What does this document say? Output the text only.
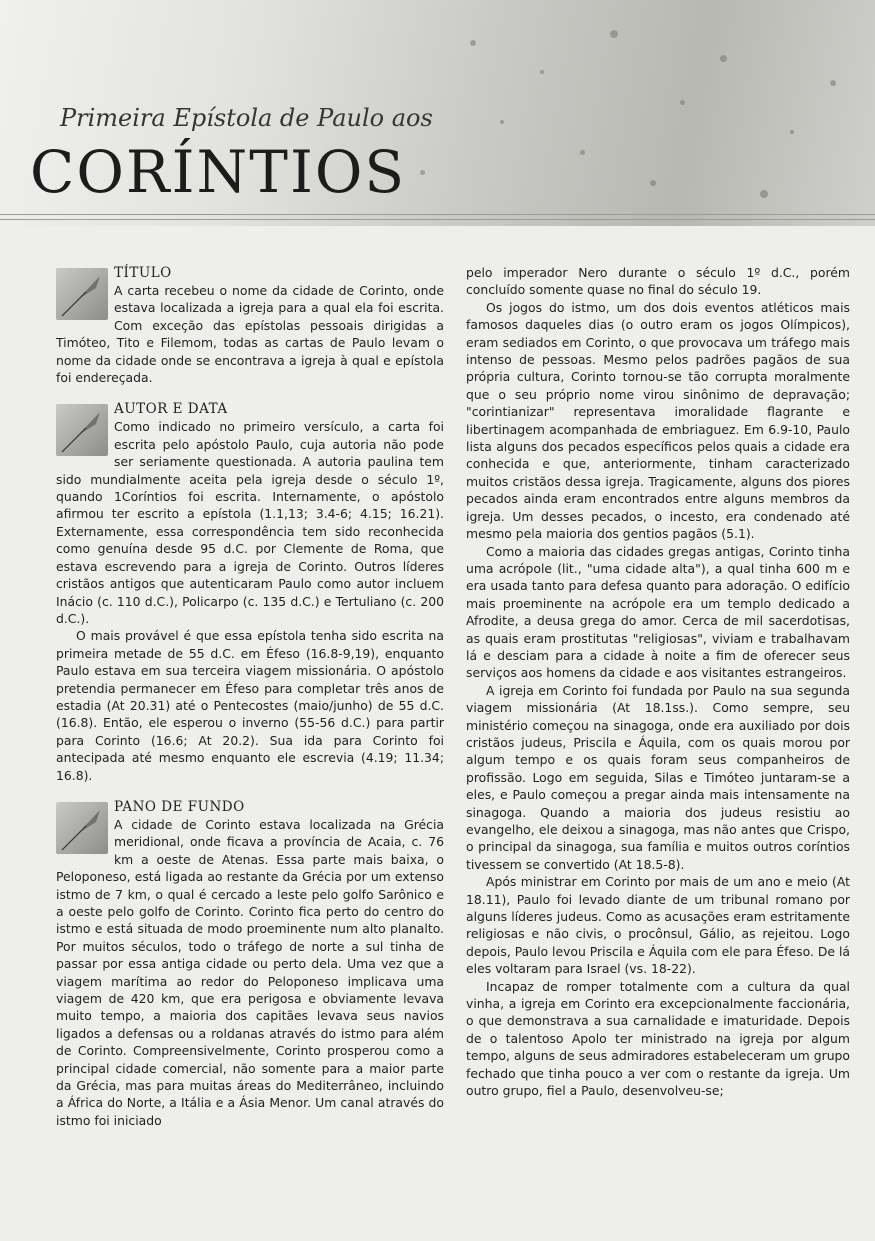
Primeira Epístola de Paulo aos
CORÍNTIOS
TÍTULO

A carta recebeu o nome da cidade de Corinto, onde estava localizada a igreja para a qual ela foi escrita. Com exceção das epístolas pessoais dirigidas a Timóteo, Tito e Filemom, todas as cartas de Paulo levam o nome da cidade onde se encontrava a igreja à qual e epístola foi endereçada.

AUTOR E DATA

Como indicado no primeiro versículo, a carta foi escrita pelo apóstolo Paulo, cuja autoria não pode ser seriamente questionada. A autoria paulina tem sido mundialmente aceita pela igreja desde o século 1º, quando 1Coríntios foi escrita. Internamente, o apóstolo afirmou ter escrito a epístola (1.1,13; 3.4-6; 4.15; 16.21). Externamente, essa correspondência tem sido reconhecida como genuína desde 95 d.C. por Clemente de Roma, que estava escrevendo para a igreja de Corinto. Outros líderes cristãos antigos que autenticaram Paulo como autor incluem Inácio (c. 110 d.C.), Policarpo (c. 135 d.C.) e Tertuliano (c. 200 d.C.).

O mais provável é que essa epístola tenha sido escrita na primeira metade de 55 d.C. em Éfeso (16.8-9,19), enquanto Paulo estava em sua terceira viagem missionária. O apóstolo pretendia permanecer em Éfeso para completar três anos de estadia (At 20.31) até o Pentecostes (maio/junho) de 55 d.C. (16.8). Então, ele esperou o inverno (55-56 d.C.) para partir para Corinto (16.6; At 20.2). Sua ida para Corinto foi antecipada até mesmo enquanto ele escrevia (4.19; 11.34; 16.8).

PANO DE FUNDO

A cidade de Corinto estava localizada na Grécia meridional, onde ficava a província de Acaia, c. 76 km a oeste de Atenas. Essa parte mais baixa, o Peloponeso, está ligada ao restante da Grécia por um extenso istmo de 7 km, o qual é cercado a leste pelo golfo Sarônico e a oeste pelo golfo de Corinto. Corinto fica perto do centro do istmo e está situada de modo proeminente num alto planalto. Por muitos séculos, todo o tráfego de norte a sul tinha de passar por essa antiga cidade ou perto dela. Uma vez que a viagem marítima ao redor do Peloponeso implicava uma viagem de 420 km, que era perigosa e obviamente levava muito tempo, a maioria dos capitães levava seus navios ligados a defensas ou a roldanas através do istmo para além de Corinto. Compreensivelmente, Corinto prosperou como a principal cidade comercial, não somente para a maior parte da Grécia, mas para muitas áreas do Mediterrâneo, incluindo a África do Norte, a Itália e a Ásia Menor. Um canal através do istmo foi iniciado

pelo imperador Nero durante o século 1º d.C., porém concluído somente quase no final do século 19.

Os jogos do istmo, um dos dois eventos atléticos mais famosos daqueles dias (o outro eram os jogos Olímpicos), eram sediados em Corinto, o que provocava um tráfego mais intenso de pessoas. Mesmo pelos padrões pagãos de sua própria cultura, Corinto tornou-se tão corrupta moralmente que o seu próprio nome virou sinônimo de depravação; "corintianizar" representava imoralidade flagrante e libertinagem acompanhada de embriaguez. Em 6.9-10, Paulo lista alguns dos pecados específicos pelos quais a cidade era conhecida e que, anteriormente, tinham caracterizado muitos cristãos dessa igreja. Tragicamente, alguns dos piores pecados ainda eram encontrados entre alguns membros da igreja. Um desses pecados, o incesto, era condenado até mesmo pela maioria dos gentios pagãos (5.1).

Como a maioria das cidades gregas antigas, Corinto tinha uma acrópole (lit., "uma cidade alta"), a qual tinha 600 m e era usada tanto para defesa quanto para adoração. O edifício mais proeminente na acrópole era um templo dedicado a Afrodite, a deusa grega do amor. Cerca de mil sacerdotisas, as quais eram prostitutas "religiosas", viviam e trabalhavam lá e desciam para a cidade à noite a fim de oferecer seus serviços aos homens da cidade e aos visitantes estrangeiros.

A igreja em Corinto foi fundada por Paulo na sua segunda viagem missionária (At 18.1ss.). Como sempre, seu ministério começou na sinagoga, onde era auxiliado por dois cristãos judeus, Priscila e Áquila, com os quais morou por algum tempo e os quais foram seus companheiros de profissão. Logo em seguida, Silas e Timóteo juntaram-se a eles, e Paulo começou a pregar ainda mais intensamente na sinagoga. Quando a maioria dos judeus resistiu ao evangelho, ele deixou a sinagoga, mas não antes que Crispo, o principal da sinagoga, sua família e muitos outros coríntios tivessem se convertido (At 18.5-8).

Após ministrar em Corinto por mais de um ano e meio (At 18.11), Paulo foi levado diante de um tribunal romano por alguns líderes judeus. Como as acusações eram estritamente religiosas e não civis, o procônsul, Gálio, as rejeitou. Logo depois, Paulo levou Priscila e Áquila com ele para Éfeso. De lá eles voltaram para Israel (vs. 18-22).

Incapaz de romper totalmente com a cultura da qual vinha, a igreja em Corinto era excepcionalmente faccionária, o que demonstrava a sua carnalidade e imaturidade. Depois de o talentoso Apolo ter ministrado na igreja por algum tempo, alguns de seus admiradores estabeleceram um grupo fechado que tinha pouco a ver com o restante da igreja. Um outro grupo, fiel a Paulo, desenvolveu-se;
